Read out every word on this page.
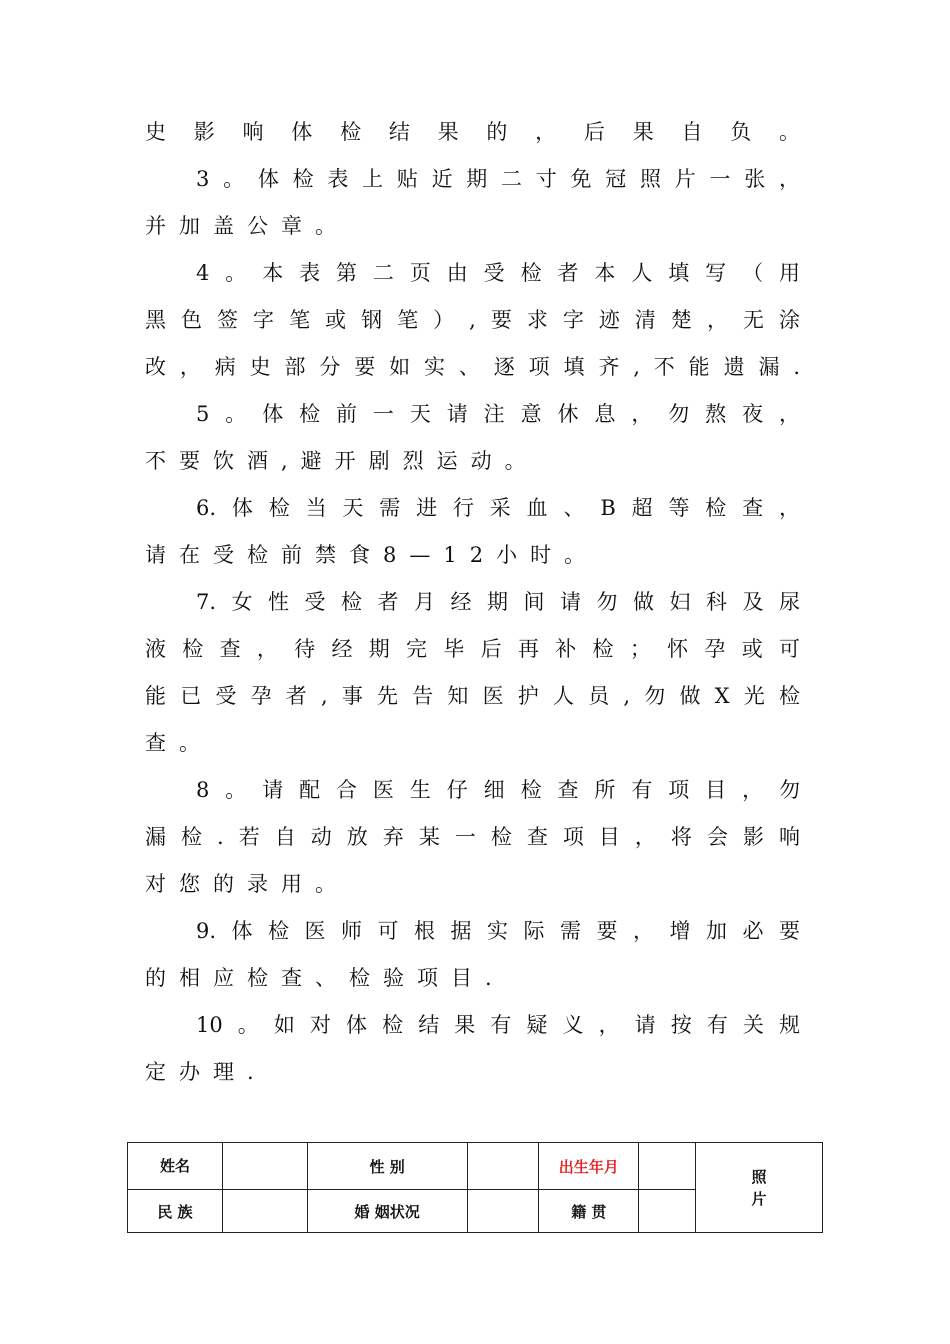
史影响体检结果的，后果自负。
3。体检表上贴近期二寸免冠照片一张，
并加盖公章。
4。本表第二页由受检者本人填写（用
黑色签字笔或钢笔）,要求字迹清楚，无涂
改，病史部分要如实、逐项填齐,不能遗漏.
5。体检前一天请注意休息，勿熬夜，
不要饮酒,避开剧烈运动。
6.体检当天需进行采血、B超等检查，
请在受检前禁食8—12小时。
7.女性受检者月经期间请勿做妇科及尿
液检查，待经期完毕后再补检；怀孕或可
能已受孕者,事先告知医护人员,勿做X光检
查。
8。请配合医生仔细检查所有项目，勿
漏检.若自动放弃某一检查项目，将会影响
对您的录用。
9.体检医师可根据实际需要，增加必要
的相应检查、检验项目.
10。如对体检结果有疑义，请按有关规
定办理.
姓名		性 别		出生年月		照片
民 族		婚 姻状况		籍 贯		
